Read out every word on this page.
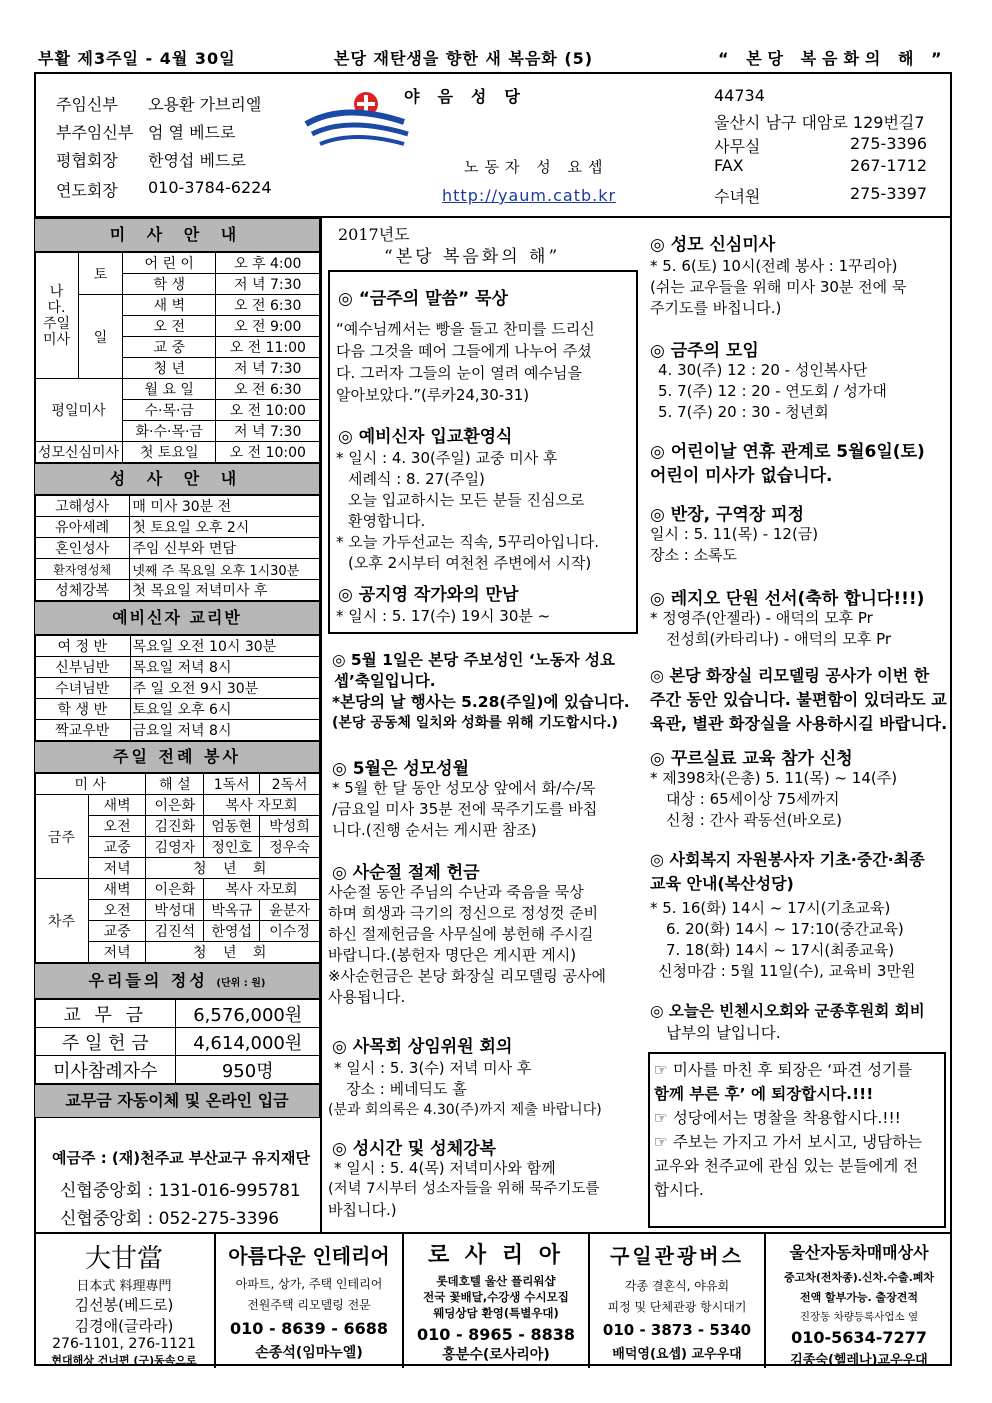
부활 제3주일 - 4월 30일	본당 재탄생을 향한 새 복음화 (5)	“ 본당 복음화의 해 ”
주임신부 오용환 가브리엘
부주임신부 엄 열 베드로
평협회장 한영섭 베드로
연도회장 010-3784-6224
야음성당
노동자 성 요셉
http://yaum.catb.kr
44734
울산시 남구 대암로 129번길7
사무실	275-3396
FAX	267-1712
수녀원	275-3397
미 사 안 내
나다.주일미사	토	어 린 이	오 후 4:00
		학 생	저 녁 7:30
	일	새 벽	오 전 6:30
		오 전	오 전 9:00
		교 중	오 전 11:00
		청 년	저 녁 7:30
평일미사		월 요 일	오 전 6:30
		수·목·금	오 전 10:00
		화·수·목·금	저 녁 7:30
성모신심미사		첫 토요일	오 전 10:00
성 사 안 내
고해성사	매 미사 30분 전
유아세례	첫 토요일 오후 2시
혼인성사	주임 신부와 면담
환자영성체	넷째 주 목요일 오후 1시30분
성체강복	첫 목요일 저녁미사 후
예비신자 교리반
여 정 반	목요일 오전 10시 30분
신부님반	목요일 저녁 8시
수녀님반	주 일 오전 9시 30분
학 생 반	토요일 오후 6시
짝교우반	금요일 저녁 8시
주일 전례 봉사
미 사		해 설	1독서	2독서
금주	새벽	이은화	복사 자모회	
	오전	김진화	엄동현	박성희
	교중	김영자	정인호	정우숙
	저녁	청 년 회		
차주	새벽	이은화	복사 자모회	
	오전	박성대	박옥규	윤분자
	교중	김진석	한영섭	이수정
	저녁	청 년 회		
우리들의 정성 (단위 : 원)
교 무 금	6,576,000원
주 일 헌 금	4,614,000원
미사참례자수	950명
교무금 자동이체 및 온라인 입금
예금주 : (재)천주교 부산교구 유지재단
신협중앙회 : 131-016-995781
신협중앙회 : 052-275-3396
2017년도
“본당 복음화의 해”
◎ “금주의 말씀” 묵상
“예수님께서는 빵을 들고 찬미를 드리신
다음 그것을 떼어 그들에게 나누어 주셨
다. 그러자 그들의 눈이 열려 예수님을
알아보았다.”(루카24,30-31)
◎ 예비신자 입교환영식
* 일시 : 4. 30(주일) 교중 미사 후
세례식 : 8. 27(주일)
오늘 입교하시는 모든 분들 진심으로
환영합니다.
* 오늘 가두선교는 직속, 5꾸리아입니다.
(오후 2시부터 여천천 주변에서 시작)
◎ 공지영 작가와의 만남
* 일시 : 5. 17(수) 19시 30분 ~
◎ 5월 1일은 본당 주보성인 ‘노동자 성요
셉’축일입니다.
*본당의 날 행사는 5.28(주일)에 있습니다.
(본당 공동체 일치와 성화를 위해 기도합시다.)
◎ 5월은 성모성월
* 5월 한 달 동안 성모상 앞에서 화/수/목
/금요일 미사 35분 전에 묵주기도를 바칩
니다.(진행 순서는 게시판 참조)
◎ 사순절 절제 헌금
사순절 동안 주님의 수난과 죽음을 묵상
하며 희생과 극기의 정신으로 정성껏 준비
하신 절제헌금을 사무실에 봉헌해 주시길
바랍니다.(봉헌자 명단은 게시판 게시)
※사순헌금은 본당 화장실 리모델링 공사에
사용됩니다.
◎ 사목회 상임위원 회의
* 일시 : 5. 3(수) 저녁 미사 후
장소 : 베네딕도 홀
(분과 회의록은 4.30(주)까지 제출 바랍니다)
◎ 성시간 및 성체강복
* 일시 : 5. 4(목) 저녁미사와 함께
(저녁 7시부터 성소자들을 위해 묵주기도를
바칩니다.)
◎ 성모 신심미사
* 5. 6(토) 10시(전례 봉사 : 1꾸리아)
(쉬는 교우들을 위해 미사 30분 전에 묵
주기도를 바칩니다.)
◎ 금주의 모임
4. 30(주) 12 : 20 - 성인복사단
5. 7(주) 12 : 20 - 연도회 / 성가대
5. 7(주) 20 : 30 - 청년회
◎ 어린이날 연휴 관계로 5월6일(토)
어린이 미사가 없습니다.
◎ 반장, 구역장 피정
일시 : 5. 11(목) - 12(금)
장소 : 소록도
◎ 레지오 단원 선서(축하 합니다!!!)
* 정영주(안젤라) - 애덕의 모후 Pr
전성희(카타리나) - 애덕의 모후 Pr
◎ 본당 화장실 리모델링 공사가 이번 한
주간 동안 있습니다. 불편함이 있더라도 교
육관, 별관 화장실을 사용하시길 바랍니다.
◎ 꾸르실료 교육 참가 신청
* 제398차(은총) 5. 11(목) ~ 14(주)
대상 : 65세이상 75세까지
신청 : 간사 곽동선(바오로)
◎ 사회복지 자원봉사자 기초·중간·최종
교육 안내(복산성당)
* 5. 16(화) 14시 ~ 17시(기초교육)
6. 20(화) 14시 ~ 17:10(중간교육)
7. 18(화) 14시 ~ 17시(최종교육)
신청마감 : 5월 11일(수), 교육비 3만원
◎ 오늘은 빈첸시오회와 군종후원회 회비
납부의 날입니다.
☞ 미사를 마친 후 퇴장은 ‘파견 성기를
함께 부른 후’ 에 퇴장합시다.!!!
☞ 성당에서는 명찰을 착용합시다.!!!
☞ 주보는 가지고 가서 보시고, 냉담하는
교우와 천주교에 관심 있는 분들에게 전
합시다.
大甘當
日本式 料理專門
김선봉(베드로)
김경애(글라라)
276-1101, 276-1121
현대해상 건너편 (구)동속으로
아름다운 인테리어
아파트, 상가, 주택 인테리어
전원주택 리모델링 전문
010 - 8639 - 6688
손종석(임마누엘)
로 사 리 아
롯데호텔 울산 플리워샵
전국 꽃배달,수강생 수시모집
웨딩상담 환영(특별우대)
010 - 8965 - 8838
홍분수(로사리아)
구일관광버스
각종 결혼식, 야유회
피정 및 단체관광 항시대기
010 - 3873 - 5340
배덕영(요셉) 교우우대
울산자동차매매상사
중고차(전차종).신차.수출.폐차
전액 할부가능. 출장견적
진장동 차량등록사업소 옆
010-5634-7277
김종숙(헬레나)교우우대
